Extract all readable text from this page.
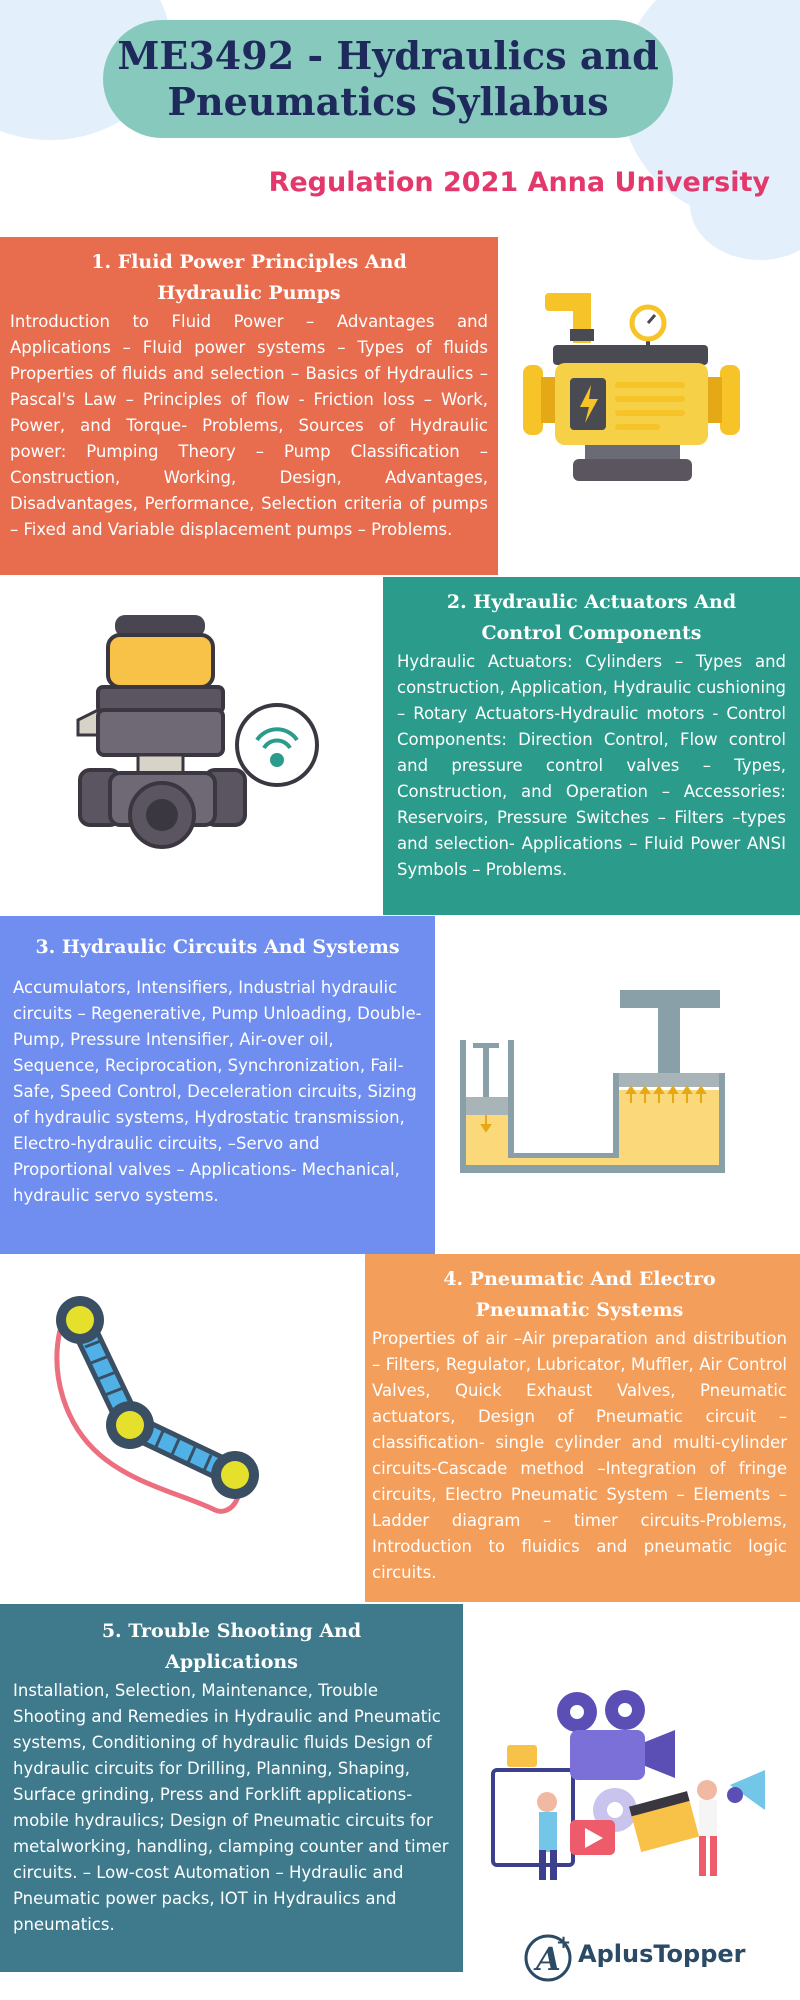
ME3492 - Hydraulics and
Pneumatics Syllabus
Regulation 2021 Anna University

1. Fluid Power Principles And
Hydraulic Pumps

Introduction to Fluid Power – Advantages and Applications – Fluid power systems – Types of fluids Properties of fluids and selection – Basics of Hydraulics – Pascal's Law – Principles of flow - Friction loss – Work, Power, and Torque- Problems, Sources of Hydraulic power: Pumping Theory – Pump Classification – Construction, Working, Design, Advantages, Disadvantages, Performance, Selection criteria of pumps – Fixed and Variable displacement pumps – Problems.

2. Hydraulic Actuators And
Control Components

Hydraulic Actuators: Cylinders – Types and construction, Application, Hydraulic cushioning – Rotary Actuators-Hydraulic motors - Control Components: Direction Control, Flow control and pressure control valves – Types, Construction, and Operation – Accessories: Reservoirs, Pressure Switches – Filters –types and selection- Applications – Fluid Power ANSI Symbols – Problems.

3. Hydraulic Circuits And Systems

Accumulators, Intensifiers, Industrial hydraulic circuits – Regenerative, Pump Unloading, Double-Pump, Pressure Intensifier, Air-over oil, Sequence, Reciprocation, Synchronization, Fail-Safe, Speed Control, Deceleration circuits, Sizing of hydraulic systems, Hydrostatic transmission, Electro-hydraulic circuits, –Servo and Proportional valves – Applications- Mechanical, hydraulic servo systems.

4. Pneumatic And Electro
Pneumatic Systems

Properties of air –Air preparation and distribution – Filters, Regulator, Lubricator, Muffler, Air Control Valves, Quick Exhaust Valves, Pneumatic actuators, Design of Pneumatic circuit –classification- single cylinder and multi-cylinder circuits-Cascade method –Integration of fringe circuits, Electro Pneumatic System – Elements – Ladder diagram – timer circuits-Problems, Introduction to fluidics and pneumatic logic circuits.

5. Trouble Shooting And
Applications

Installation, Selection, Maintenance, Trouble Shooting and Remedies in Hydraulic and Pneumatic systems, Conditioning of hydraulic fluids Design of hydraulic circuits for Drilling, Planning, Shaping, Surface grinding, Press and Forklift applications- mobile hydraulics; Design of Pneumatic circuits for metalworking, handling, clamping counter and timer circuits. – Low-cost Automation – Hydraulic and Pneumatic power packs, IOT in Hydraulics and pneumatics.

A
+ AplusTopper
